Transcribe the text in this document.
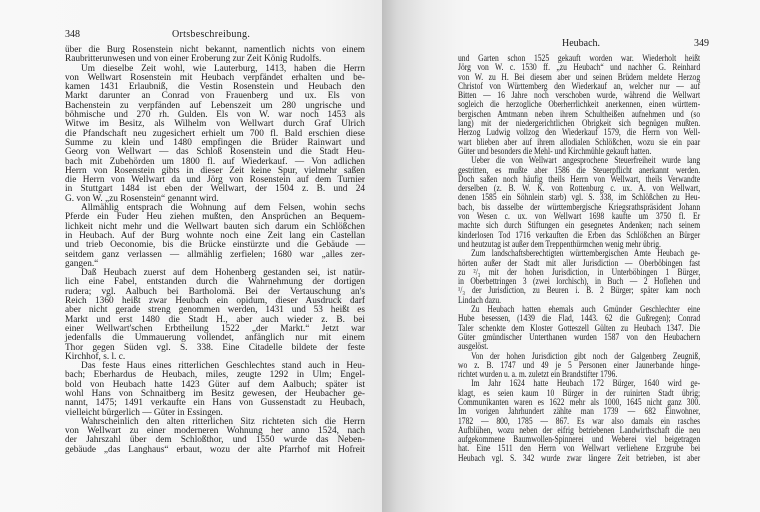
348	Ortsbeschreibung.
Heubach.	349
über die Burg Rosenstein nicht bekannt, namentlich nichts von einem
Raubritterunwesen und von einer Eroberung zur Zeit König Rudolfs.
Um dieselbe Zeit wohl, wie Lauterburg, 1413, haben die Herrn
von Wellwart Rosenstein mit Heubach verpfändet erhalten und be-
kamen 1431 Erlaubniß, die Vestin Rosenstein und Heubach den
Markt darunter an Conrad von Frauenberg und ux. Els von
Bachenstein zu verpfänden auf Lebenszeit um 280 ungrische und
böhmische und 270 rh. Gulden. Els von W. war noch 1453 als
Witwe im Besitz, als Wilhelm von Wellwart durch Graf Ulrich
die Pfandschaft neu zugesichert erhielt um 700 fl. Bald erschien diese
Summe zu klein und 1480 empfingen die Brüder Rainwart und
Georg von Wellwart — das Schloß Rosenstein und die Stadt Heu-
bach mit Zubehörden um 1800 fl. auf Wiederkauf. — Von adlichen
Herrn von Rosenstein gibts in dieser Zeit keine Spur, vielmehr saßen
die Herrn von Wellwart da und Jörg von Rosenstein auf dem Turnier
in Stuttgart 1484 ist eben der Wellwart, der 1504 z. B. und 24
G. von W. „zu Rosenstein“ genannt wird.
Allmählig entsprach die Wohnung auf dem Felsen, wohin sechs
Pferde ein Fuder Heu ziehen mußten, den Ansprüchen an Bequem-
lichkeit nicht mehr und die Wellwart bauten sich darum ein Schlößchen
in Heubach. Auf der Burg wohnte noch eine Zeit lang ein Castellan
und trieb Oeconomie, bis die Brücke einstürzte und die Gebäude —
seitdem ganz verlassen — allmählig zerfielen; 1680 war „alles zer-
gangen.“
Daß Heubach zuerst auf dem Hohenberg gestanden sei, ist natür-
lich eine Fabel, entstanden durch die Wahrnehmung der dortigen
rudera; vgl. Aalbuch bei Bartholomä. Bei der Vertauschung an's
Reich 1360 heißt zwar Heubach ein opidum, dieser Ausdruck darf
aber nicht gerade streng genommen werden, 1431 und 53 heißt es
Markt und erst 1480 die Stadt H., aber auch wieder z. B. bei
einer Wellwart'schen Erbtheilung 1522 „der Markt.“ Jetzt war
jedenfalls die Ummauerung vollendet, anfänglich nur mit einem
Thor gegen Süden vgl. S. 338. Eine Citadelle bildete der feste
Kirchhof, s. l. c.
Das feste Haus eines ritterlichen Geschlechtes stand auch in Heu-
bach; Eberhardus de Heubach, miles, zeugte 1292 in Ulm; Engel-
bold von Heubach hatte 1423 Güter auf dem Aalbuch; später ist
wohl Hans von Schnaitberg im Besitz gewesen, der Heubacher ge-
nannt, 1475; 1491 verkaufte ein Hans von Gussenstadt zu Heubach,
vielleicht bürgerlich — Güter in Essingen.
Wahrscheinlich den alten ritterlichen Sitz richteten sich die Herrn
von Wellwart zu einer moderneren Wohnung her anno 1524, nach
der Jahrszahl über dem Schloßthor, und 1550 wurde das Neben-
gebäude „das Langhaus“ erbaut, wozu der alte Pfarrhof mit Hofreit
und Garten schon 1525 gekauft worden war. Wiederholt heißt
Jörg von W. c. 1530 ff. „zu Heubach“ und nachher G. Reinhard
von W. zu H. Bei diesem aber und seinen Brüdern meldete Herzog
Christof von Württemberg den Wiederkauf an, welcher nur — auf
Bitten — 16 Jahre noch verschoben wurde, während die Wellwart
sogleich die herzogliche Oberherrlichkeit anerkennen, einen württem-
bergischen Amtmann neben ihrem Schultheißen aufnehmen und (so
lang) mit der niedergerichtlichen Obrigkeit sich begnügen mußten.
Herzog Ludwig vollzog den Wiederkauf 1579, die Herrn von Well-
wart blieben aber auf ihrem allodialen Schlößchen, wozu sie ein paar
Güter und besonders die Mehl- und Kirchmühle gekauft hatten.
Ueber die von Wellwart angesprochene Steuerfreiheit wurde lang
gestritten, es mußte aber 1586 die Steuerpflicht anerkannt werden.
Doch saßen noch häufig theils Herrn von Wellwart, theils Verwandte
derselben (z. B. W. K. von Rottenburg c. ux. A. von Wellwart,
denen 1585 ein Söhnlein starb) vgl. S. 338, im Schlößchen zu Heu-
bach, bis dasselbe der württembergische Kriegsrathspräsident Johann
von Wesen c. ux. von Wellwart 1698 kaufte um 3750 fl. Er
machte sich durch Stiftungen ein gesegnetes Andenken; nach seinem
kinderlosen Tod 1716 verkauften die Erben das Schlößchen an Bürger
und heutzutag ist außer dem Treppenthürmchen wenig mehr übrig.
Zum landschaftsberechtigten württembergischen Amte Heubach ge-
hörten außer der Stadt mit aller Jurisdiction — Oberböbingen fast
zu ²/₃ mit der hohen Jurisdiction, in Unterböbingen 1 Bürger,
in Oberbettringen 3 (zwei lorchisch), in Buch — 2 Hoflehen und
¹/₃ der Jurisdiction, zu Beuren i. B. 2 Bürger; später kam noch
Lindach dazu.
Zu Heubach hatten ehemals auch Gmünder Geschlechter eine
Hube besessen, (1439 die Flad, 1443. 62 die Gußregen); Conrad
Taler schenkte dem Kloster Gotteszell Gülten zu Heubach 1347. Die
Güter gmündischer Unterthanen wurden 1587 von den Heubachern
ausgelöst.
Von der hohen Jurisdiction gibt noch der Galgenberg Zeugniß,
wo z. B. 1747 und 49 je 5 Personen einer Jaunerbande hinge-
richtet wurden u. a. m. zuletzt ein Brandstifter 1796.
Im Jahr 1624 hatte Heubach 172 Bürger, 1640 wird ge-
klagt, es seien kaum 10 Bürger in der ruinirten Stadt übrig;
Communikanten waren es 1622 mehr als 1000, 1645 nicht ganz 300.
Im vorigen Jahrhundert zählte man 1739 — 682 Einwohner,
1782 — 800, 1785 — 867. Es war also damals ein rasches
Aufblühen, wozu neben der eifrig betriebenen Landwirthschaft die neu
aufgekommene Baumwollen-Spinnerei und Weberei viel beigetragen
hat. Eine 1511 den Herrn von Wellwart verliehene Erzgrube bei
Heubach vgl. S. 342 wurde zwar längere Zeit betrieben, ist aber
